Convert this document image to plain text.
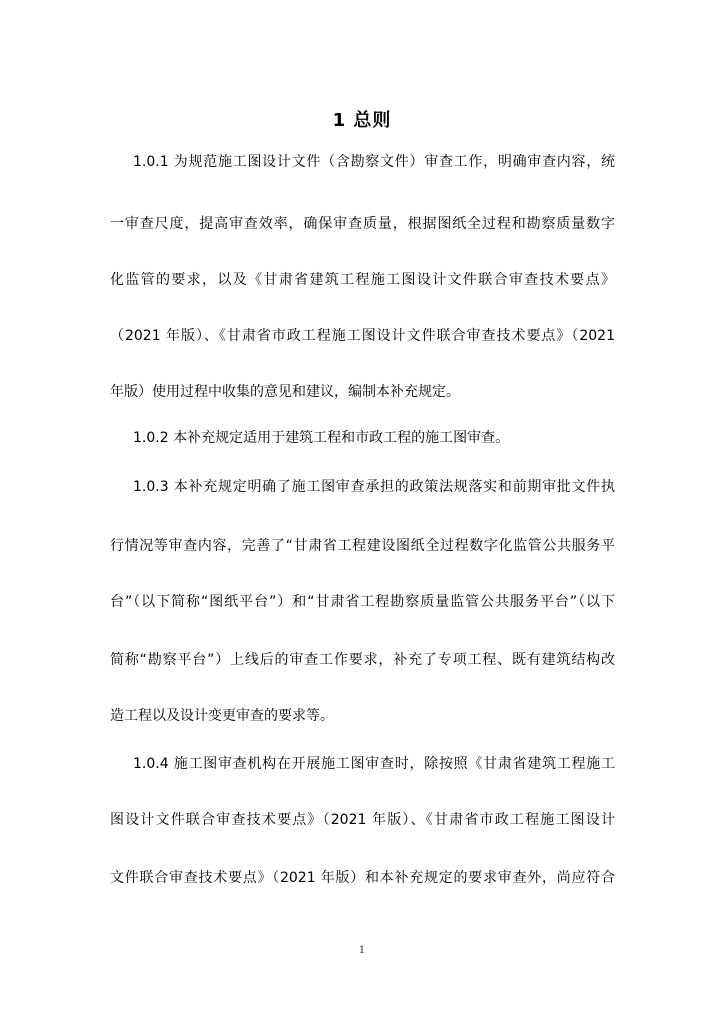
1 总则
1.0.1 为规范施工图设计文件（含勘察文件）审查工作，明确审查内容，统
一审查尺度，提高审查效率，确保审查质量，根据图纸全过程和勘察质量数字
化监管的要求，以及《甘肃省建筑工程施工图设计文件联合审查技术要点》
（2021 年版）、《甘肃省市政工程施工图设计文件联合审查技术要点》（2021
年版）使用过程中收集的意见和建议，编制本补充规定。
1.0.2 本补充规定适用于建筑工程和市政工程的施工图审查。
1.0.3 本补充规定明确了施工图审查承担的政策法规落实和前期审批文件执
行情况等审查内容，完善了“甘肃省工程建设图纸全过程数字化监管公共服务平
台”（以下简称“图纸平台”）和“甘肃省工程勘察质量监管公共服务平台”（以下
简称“勘察平台”）上线后的审查工作要求，补充了专项工程、既有建筑结构改
造工程以及设计变更审查的要求等。
1.0.4 施工图审查机构在开展施工图审查时，除按照《甘肃省建筑工程施工
图设计文件联合审查技术要点》（2021 年版）、《甘肃省市政工程施工图设计
文件联合审查技术要点》（2021 年版）和本补充规定的要求审查外，尚应符合
1
